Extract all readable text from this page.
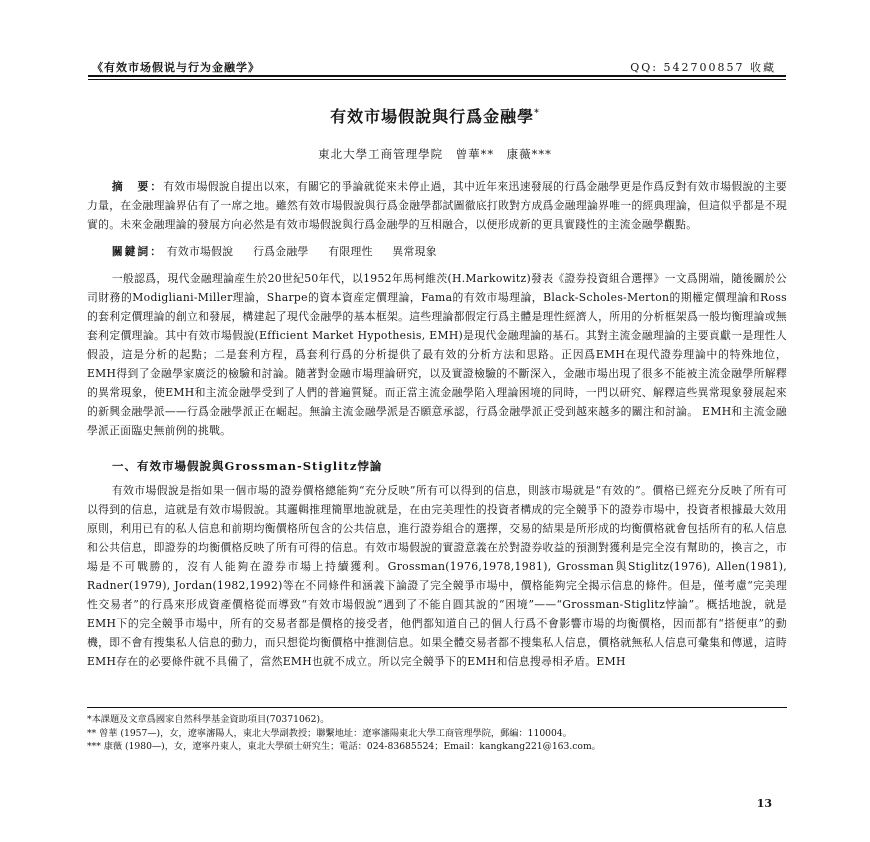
《有效市场假说与行为金融学》	QQ: 542700857 收藏
有效市場假說與行爲金融學*
東北大學工商管理學院　曾華**　康薇***
摘　要：有效市場假說自提出以來，有關它的爭論就從來未停止過，其中近年來迅速發展的行爲金融學更是作爲反對有效市場假說的主要力量，在金融理論界佔有了一席之地。雖然有效市場假說與行爲金融學都試圖徹底打敗對方成爲金融理論界唯一的經典理論，但這似乎都是不現實的。未來金融理論的發展方向必然是有效市場假說與行爲金融學的互相融合，以便形成新的更具實踐性的主流金融學觀點。
關鍵詞： 有效市場假說 行爲金融學 有限理性 異常現象
一般認爲，現代金融理論産生於20世紀50年代，以1952年馬柯維茨(H.Markowitz)發表《證券投資組合選擇》一文爲開端，隨後關於公司財務的Modigliani-Miller理論，Sharpe的資本資産定價理論，Fama的有效市場理論，Black-Scholes-Merton的期權定價理論和Ross的套利定價理論的創立和發展，構建起了現代金融學的基本框架。這些理論都假定行爲主體是理性經濟人，所用的分析框架爲一般均衡理論或無套利定價理論。其中有效市場假說(Efficient Market Hypothesis, EMH)是現代金融理論的基石。其對主流金融理論的主要貢獻一是理性人假設，這是分析的起點；二是套利方程，爲套利行爲的分析提供了最有效的分析方法和思路。正因爲EMH在現代證券理論中的特殊地位，EMH得到了金融學家廣泛的檢驗和討論。隨著對金融市場理論研究，以及實證檢驗的不斷深入，金融市場出現了很多不能被主流金融學所解釋的異常現象，使EMH和主流金融學受到了人們的普遍質疑。而正當主流金融學陷入理論困境的同時，一門以研究、解釋這些異常現象發展起來的新興金融學派——行爲金融學派正在崛起。無論主流金融學派是否願意承認，行爲金融學派正受到越來越多的關注和討論。 EMH和主流金融學派正面臨史無前例的挑戰。
一、有效市場假說與Grossman-Stiglitz悖論
有效市場假說是指如果一個市場的證券價格總能夠“充分反映”所有可以得到的信息，則該市場就是“有效的”。價格已經充分反映了所有可以得到的信息，這就是有效市場假說。其邏輯推理簡單地說就是，在由完美理性的投資者構成的完全競爭下的證券市場中，投資者根據最大效用原則，利用已有的私人信息和前期均衡價格所包含的公共信息，進行證券組合的選擇，交易的結果是所形成的均衡價格就會包括所有的私人信息和公共信息，即證券的均衡價格反映了所有可得的信息。有效市場假說的實證意義在於對證券收益的預測對獲利是完全沒有幫助的，換言之，市場是不可戰勝的，沒有人能夠在證券市場上持續獲利。Grossman(1976,1978,1981), Grossman與Stiglitz(1976), Allen(1981), Radner(1979), Jordan(1982,1992)等在不同條件和涵義下論證了完全競爭市場中，價格能夠完全揭示信息的條件。但是，僅考慮“完美理性交易者”的行爲來形成資產價格從而導致“有效市場假說”遇到了不能自圓其說的“困境”——“Grossman-Stiglitz悖論”。概括地說，就是EMH下的完全競爭市場中，所有的交易者都是價格的接受者，他們都知道自己的個人行爲不會影響市場的均衡價格，因而都有“搭便車”的動機，即不會有搜集私人信息的動力，而只想從均衡價格中推測信息。如果全體交易者都不搜集私人信息，價格就無私人信息可彙集和傳遞，這時EMH存在的必要條件就不具備了，當然EMH也就不成立。所以完全競爭下的EMH和信息搜尋相矛盾。EMH
*本課題及文章爲國家自然科學基金資助項目(70371062)。
** 曾華 (1957—)，女，遼寧瀋陽人，東北大學副教授；聯繫地址：遼寧瀋陽東北大學工商管理學院，郵編：110004。
*** 康薇 (1980—)，女，遼寧丹東人，東北大學碩士研究生；電話：024-83685524；Email：kangkang221@163.com。
13
